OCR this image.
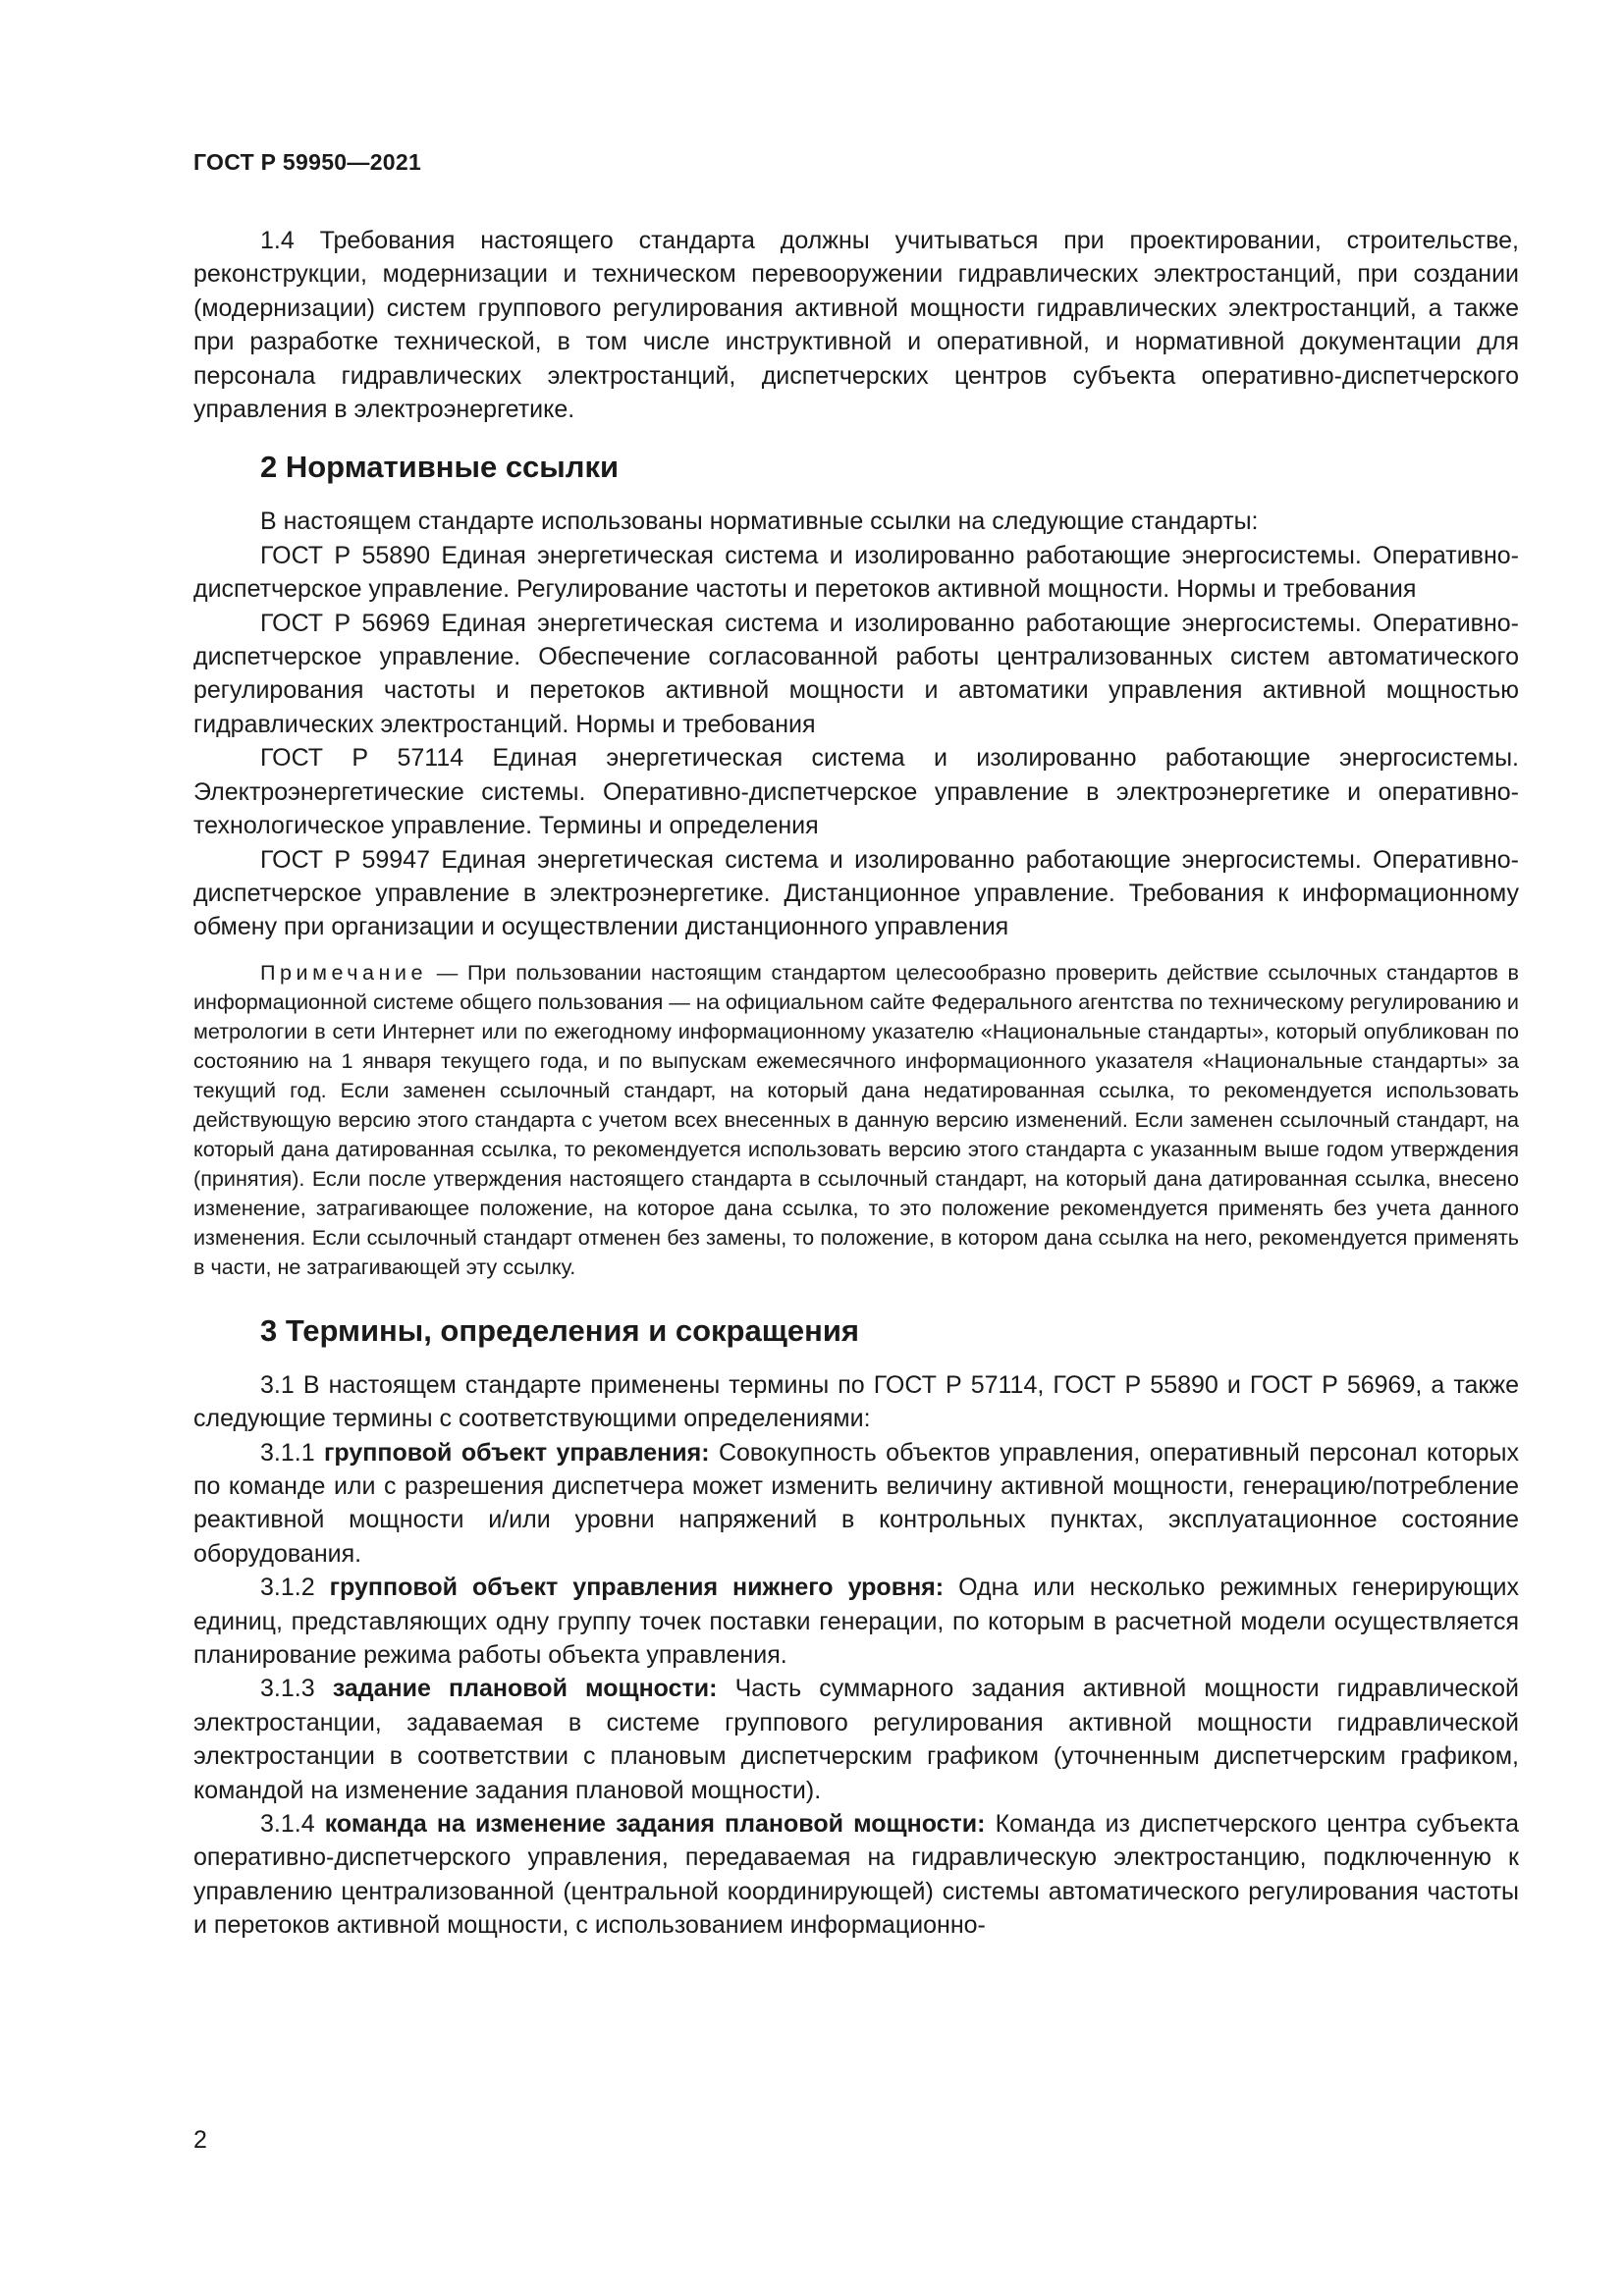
ГОСТ Р 59950—2021

1.4 Требования настоящего стандарта должны учитываться при проектировании, строительстве, реконструкции, модернизации и техническом перевооружении гидравлических электростанций, при создании (модернизации) систем группового регулирования активной мощности гидравлических электростанций, а также при разработке технической, в том числе инструктивной и оперативной, и нормативной документации для персонала гидравлических электростанций, диспетчерских центров субъекта оперативно-диспетчерского управления в электроэнергетике.

2 Нормативные ссылки

В настоящем стандарте использованы нормативные ссылки на следующие стандарты:

ГОСТ Р 55890 Единая энергетическая система и изолированно работающие энергосистемы. Оперативно-диспетчерское управление. Регулирование частоты и перетоков активной мощности. Нормы и требования

ГОСТ Р 56969 Единая энергетическая система и изолированно работающие энергосистемы. Оперативно-диспетчерское управление. Обеспечение согласованной работы централизованных систем автоматического регулирования частоты и перетоков активной мощности и автоматики управления активной мощностью гидравлических электростанций. Нормы и требования

ГОСТ Р 57114 Единая энергетическая система и изолированно работающие энергосистемы. Электроэнергетические системы. Оперативно-диспетчерское управление в электроэнергетике и оперативно-технологическое управление. Термины и определения

ГОСТ Р 59947 Единая энергетическая система и изолированно работающие энергосистемы. Оперативно-диспетчерское управление в электроэнергетике. Дистанционное управление. Требования к информационному обмену при организации и осуществлении дистанционного управления

Примечание — При пользовании настоящим стандартом целесообразно проверить действие ссылочных стандартов в информационной системе общего пользования — на официальном сайте Федерального агентства по техническому регулированию и метрологии в сети Интернет или по ежегодному информационному указателю «Национальные стандарты», который опубликован по состоянию на 1 января текущего года, и по выпускам ежемесячного информационного указателя «Национальные стандарты» за текущий год. Если заменен ссылочный стандарт, на который дана недатированная ссылка, то рекомендуется использовать действующую версию этого стандарта с учетом всех внесенных в данную версию изменений. Если заменен ссылочный стандарт, на который дана датированная ссылка, то рекомендуется использовать версию этого стандарта с указанным выше годом утверждения (принятия). Если после утверждения настоящего стандарта в ссылочный стандарт, на который дана датированная ссылка, внесено изменение, затрагивающее положение, на которое дана ссылка, то это положение рекомендуется применять без учета данного изменения. Если ссылочный стандарт отменен без замены, то положение, в котором дана ссылка на него, рекомендуется применять в части, не затрагивающей эту ссылку.

3 Термины, определения и сокращения

3.1 В настоящем стандарте применены термины по ГОСТ Р 57114, ГОСТ Р 55890 и ГОСТ Р 56969, а также следующие термины с соответствующими определениями:

3.1.1 групповой объект управления: Совокупность объектов управления, оперативный персонал которых по команде или с разрешения диспетчера может изменить величину активной мощности, генерацию/потребление реактивной мощности и/или уровни напряжений в контрольных пунктах, эксплуатационное состояние оборудования.

3.1.2 групповой объект управления нижнего уровня: Одна или несколько режимных генерирующих единиц, представляющих одну группу точек поставки генерации, по которым в расчетной модели осуществляется планирование режима работы объекта управления.

3.1.3 задание плановой мощности: Часть суммарного задания активной мощности гидравлической электростанции, задаваемая в системе группового регулирования активной мощности гидравлической электростанции в соответствии с плановым диспетчерским графиком (уточненным диспетчерским графиком, командой на изменение задания плановой мощности).

3.1.4 команда на изменение задания плановой мощности: Команда из диспетчерского центра субъекта оперативно-диспетчерского управления, передаваемая на гидравлическую электростанцию, подключенную к управлению централизованной (центральной координирующей) системы автоматического регулирования частоты и перетоков активной мощности, с использованием информационно-

2
